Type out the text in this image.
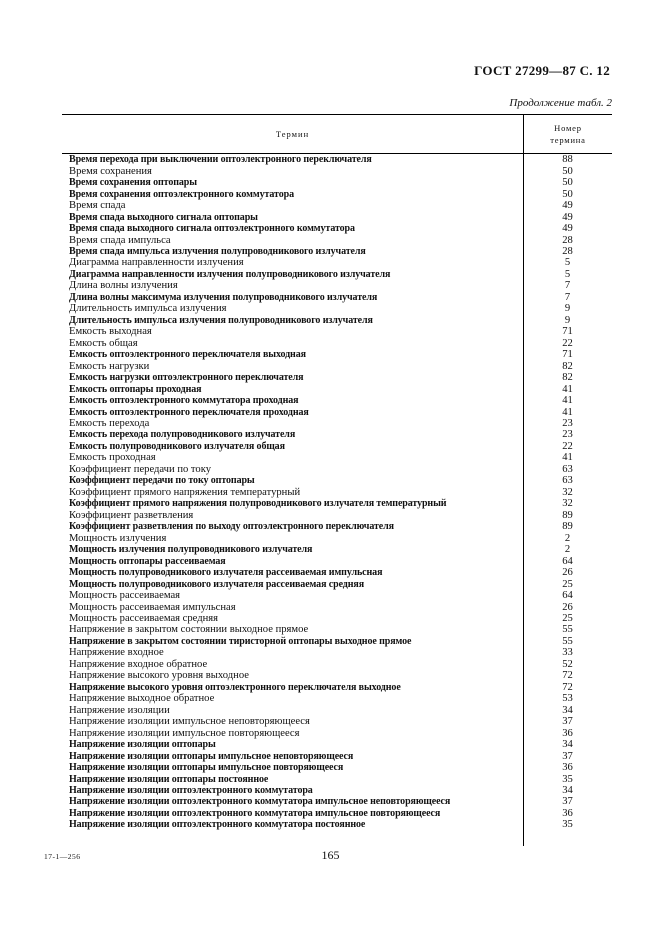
ГОСТ 27299—87 С. 12
Продолжение табл. 2
Термин
Номер
термина
Время перехода при выключении оптоэлектронного переключателя	88
Время сохранения	50
Время сохранения оптопары	50
Время сохранения оптоэлектронного коммутатора	50
Время спада	49
Время спада выходного сигнала оптопары	49
Время спада выходного сигнала оптоэлектронного коммутатора	49
Время спада импульса	28
Время спада импульса излучения полупроводникового излучателя	28
Диаграмма направленности излучения	5
Диаграмма направленности излучения полупроводникового излучателя	5
Длина волны излучения	7
Длина волны максимума излучения полупроводникового излучателя	7
Длительность импульса излучения	9
Длительность импульса излучения полупроводникового излучателя	9
Емкость выходная	71
Емкость общая	22
Емкость оптоэлектронного переключателя выходная	71
Емкость нагрузки	82
Емкость нагрузки оптоэлектронного переключателя	82
Емкость оптопары проходная	41
Емкость оптоэлектронного коммутатора проходная	41
Емкость оптоэлектронного переключателя проходная	41
Емкость перехода	23
Емкость перехода полупроводникового излучателя	23
Емкость полупроводникового излучателя общая	22
Емкость проходная	41
Коэффициент передачи по току	63
Коэффициент передачи по току оптопары	63
Коэффициент прямого напряжения температурный	32
Коэффициент прямого напряжения полупроводникового излучателя температурный	32
Коэффициент разветвления	89
Коэффициент разветвления по выходу оптоэлектронного переключателя	89
Мощность излучения	2
Мощность излучения полупроводникового излучателя	2
Мощность оптопары рассеиваемая	64
Мощность полупроводникового излучателя рассеиваемая импульсная	26
Мощность полупроводникового излучателя рассеиваемая средняя	25
Мощность рассеиваемая	64
Мощность рассеиваемая импульсная	26
Мощность рассеиваемая средняя	25
Напряжение в закрытом состоянии выходное прямое	55
Напряжение в закрытом состоянии тиристорной оптопары выходное прямое	55
Напряжение входное	33
Напряжение входное обратное	52
Напряжение высокого уровня выходное	72
Напряжение высокого уровня оптоэлектронного переключателя выходное	72
Напряжение выходное обратное	53
Напряжение изоляции	34
Напряжение изоляции импульсное неповторяющееся	37
Напряжение изоляции импульсное повторяющееся	36
Напряжение изоляции оптопары	34
Напряжение изоляции оптопары импульсное неповторяющееся	37
Напряжение изоляции оптопары импульсное повторяющееся	36
Напряжение изоляции оптопары постоянное	35
Напряжение изоляции оптоэлектронного коммутатора	34
Напряжение изоляции оптоэлектронного коммутатора импульсное неповторяющееся	37
Напряжение изоляции оптоэлектронного коммутатора импульсное повторяющееся	36
Напряжение изоляции оптоэлектронного коммутатора постоянное	35
17-1—256	165
